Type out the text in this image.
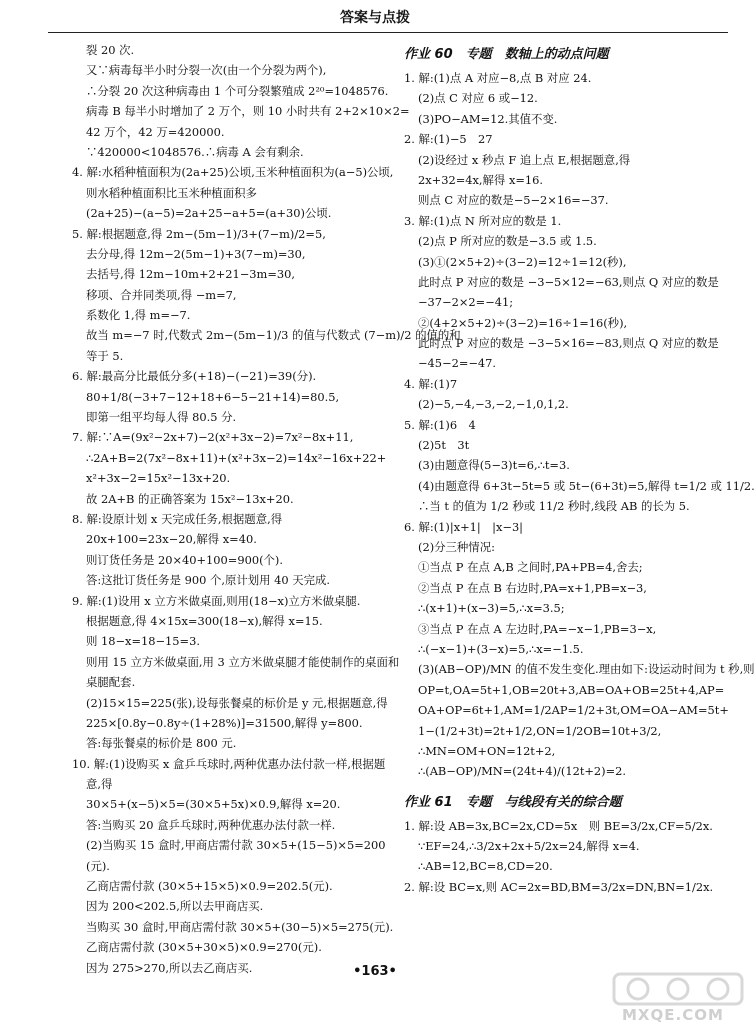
答案与点拨
裂 20 次.
又∵病毒每半小时分裂一次(由一个分裂为两个),
∴分裂 20 次这种病毒由 1 个可分裂繁殖成 2²⁰=1048576.
病毒 B 每半小时增加了 2 万个，则 10 小时共有 2+2×10×2=
42 万个，42 万=420000.
∵420000<1048576.∴病毒 A 会有剩余.
4. 解:水稻种植面积为(2a+25)公顷,玉米种植面积为(a−5)公顷,
则水稻种植面积比玉米种植面积多
(2a+25)−(a−5)=2a+25−a+5=(a+30)公顷.
5. 解:根据题意,得 2m−(5m−1)/3+(7−m)/2=5,
去分母,得 12m−2(5m−1)+3(7−m)=30,
去括号,得 12m−10m+2+21−3m=30,
移项、合并同类项,得 −m=7,
系数化 1,得 m=−7.
故当 m=−7 时,代数式 2m−(5m−1)/3 的值与代数式 (7−m)/2 的值的和
等于 5.
6. 解:最高分比最低分多(+18)−(−21)=39(分).
80+1/8(−3+7−12+18+6−5−21+14)=80.5,
即第一组平均每人得 80.5 分.
7. 解:∵A=(9x²−2x+7)−2(x²+3x−2)=7x²−8x+11,
∴2A+B=2(7x²−8x+11)+(x²+3x−2)=14x²−16x+22+
x²+3x−2=15x²−13x+20.
故 2A+B 的正确答案为 15x²−13x+20.
8. 解:设原计划 x 天完成任务,根据题意,得
20x+100=23x−20,解得 x=40.
则订货任务是 20×40+100=900(个).
答:这批订货任务是 900 个,原计划用 40 天完成.
9. 解:(1)设用 x 立方米做桌面,则用(18−x)立方米做桌腿.
根据题意,得 4×15x=300(18−x),解得 x=15.
则 18−x=18−15=3.
则用 15 立方米做桌面,用 3 立方米做桌腿才能使制作的桌面和
桌腿配套.
(2)15×15=225(张),设每张餐桌的标价是 y 元,根据题意,得
225×[0.8y−0.8y÷(1+28%)]=31500,解得 y=800.
答:每张餐桌的标价是 800 元.
10. 解:(1)设购买 x 盒乒乓球时,两种优惠办法付款一样,根据题
意,得
30×5+(x−5)×5=(30×5+5x)×0.9,解得 x=20.
答:当购买 20 盒乒乓球时,两种优惠办法付款一样.
(2)当购买 15 盒时,甲商店需付款 30×5+(15−5)×5=200
(元).
乙商店需付款 (30×5+15×5)×0.9=202.5(元).
因为 200<202.5,所以去甲商店买.
当购买 30 盒时,甲商店需付款 30×5+(30−5)×5=275(元).
乙商店需付款 (30×5+30×5)×0.9=270(元).
因为 275>270,所以去乙商店买.
作业 60　专题　数轴上的动点问题
1. 解:(1)点 A 对应−8,点 B 对应 24.
(2)点 C 对应 6 或−12.
(3)PO−AM=12.其值不变.
2. 解:(1)−5　27
(2)设经过 x 秒点 F 追上点 E,根据题意,得
2x+32=4x,解得 x=16.
则点 C 对应的数是−5−2×16=−37.
3. 解:(1)点 N 所对应的数是 1.
(2)点 P 所对应的数是−3.5 或 1.5.
(3)①(2×5+2)÷(3−2)=12÷1=12(秒),
此时点 P 对应的数是 −3−5×12=−63,则点 Q 对应的数是
−37−2×2=−41;
②(4+2×5+2)÷(3−2)=16÷1=16(秒),
此时点 P 对应的数是 −3−5×16=−83,则点 Q 对应的数是
−45−2=−47.
4. 解:(1)7
(2)−5,−4,−3,−2,−1,0,1,2.
5. 解:(1)6　4
(2)5t　3t
(3)由题意得(5−3)t=6,∴t=3.
(4)由题意得 6+3t−5t=5 或 5t−(6+3t)=5,解得 t=1/2 或 11/2.
∴当 t 的值为 1/2 秒或 11/2 秒时,线段 AB 的长为 5.
6. 解:(1)|x+1|　|x−3|
(2)分三种情况:
①当点 P 在点 A,B 之间时,PA+PB=4,舍去;
②当点 P 在点 B 右边时,PA=x+1,PB=x−3,
∴(x+1)+(x−3)=5,∴x=3.5;
③当点 P 在点 A 左边时,PA=−x−1,PB=3−x,
∴(−x−1)+(3−x)=5,∴x=−1.5.
(3)(AB−OP)/MN 的值不发生变化.理由如下:设运动时间为 t 秒,则
OP=t,OA=5t+1,OB=20t+3,AB=OA+OB=25t+4,AP=
OA+OP=6t+1,AM=1/2AP=1/2+3t,OM=OA−AM=5t+
1−(1/2+3t)=2t+1/2,ON=1/2OB=10t+3/2,
∴MN=OM+ON=12t+2,
∴(AB−OP)/MN=(24t+4)/(12t+2)=2.
作业 61　专题　与线段有关的综合题
1. 解:设 AB=3x,BC=2x,CD=5x　则 BE=3/2x,CF=5/2x.
∵EF=24,∴3/2x+2x+5/2x=24,解得 x=4.
∴AB=12,BC=8,CD=20.
2. 解:设 BC=x,则 AC=2x=BD,BM=3/2x=DN,BN=1/2x.
•163•
MXQE.COM
